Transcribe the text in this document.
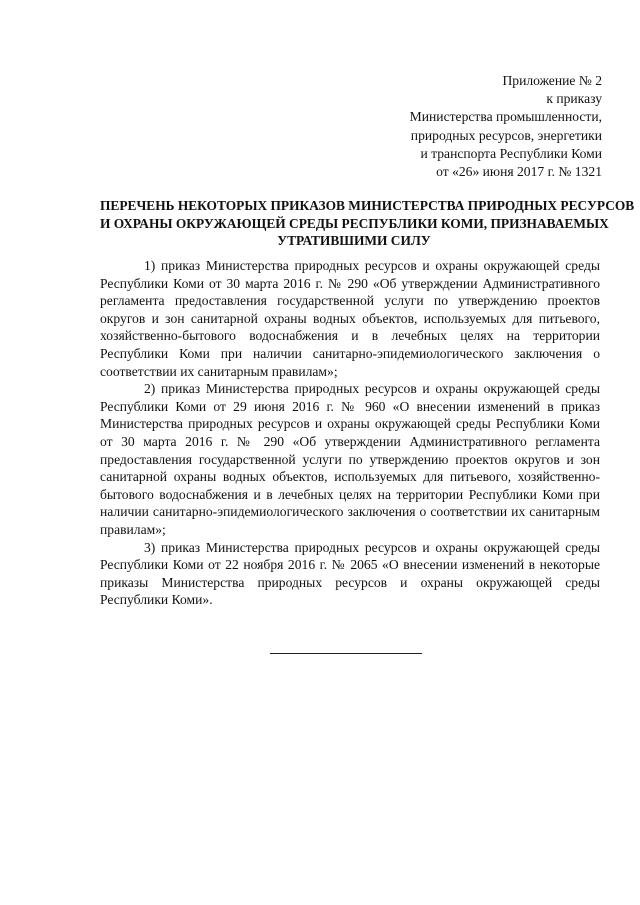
Приложение № 2
к приказу
Министерства промышленности,
природных ресурсов, энергетики
и транспорта Республики Коми
от «26» июня 2017 г. № 1321
ПЕРЕЧЕНЬ НЕКОТОРЫХ ПРИКАЗОВ МИНИСТЕРСТВА ПРИРОДНЫХ РЕСУРСОВ
И ОХРАНЫ ОКРУЖАЮЩЕЙ СРЕДЫ РЕСПУБЛИКИ КОМИ, ПРИЗНАВАЕМЫХ
УТРАТИВШИМИ СИЛУ

1) приказ Министерства природных ресурсов и охраны окружающей среды Республики Коми от 30 марта 2016 г. № 290 «Об утверждении Административного регламента предоставления государственной услуги по утверждению проектов округов и зон санитарной охраны водных объектов, используемых для питьевого, хозяйственно-бытового водоснабжения и в лечебных целях на территории Республики Коми при наличии санитарно-эпидемиологического заключения о соответствии их санитарным правилам»;

2) приказ Министерства природных ресурсов и охраны окружающей среды Республики Коми от 29 июня 2016 г. № 960 «О внесении изменений в приказ Министерства природных ресурсов и охраны окружающей среды Республики Коми от 30 марта 2016 г. № 290 «Об утверждении Административного регламента предоставления государственной услуги по утверждению проектов округов и зон санитарной охраны водных объектов, используемых для питьевого, хозяйственно-бытового водоснабжения и в лечебных целях на территории Республики Коми при наличии санитарно-эпидемиологического заключения о соответствии их санитарным правилам»;

3) приказ Министерства природных ресурсов и охраны окружающей среды Республики Коми от 22 ноября 2016 г. № 2065 «О внесении изменений в некоторые приказы Министерства природных ресурсов и охраны окружающей среды Республики Коми».
